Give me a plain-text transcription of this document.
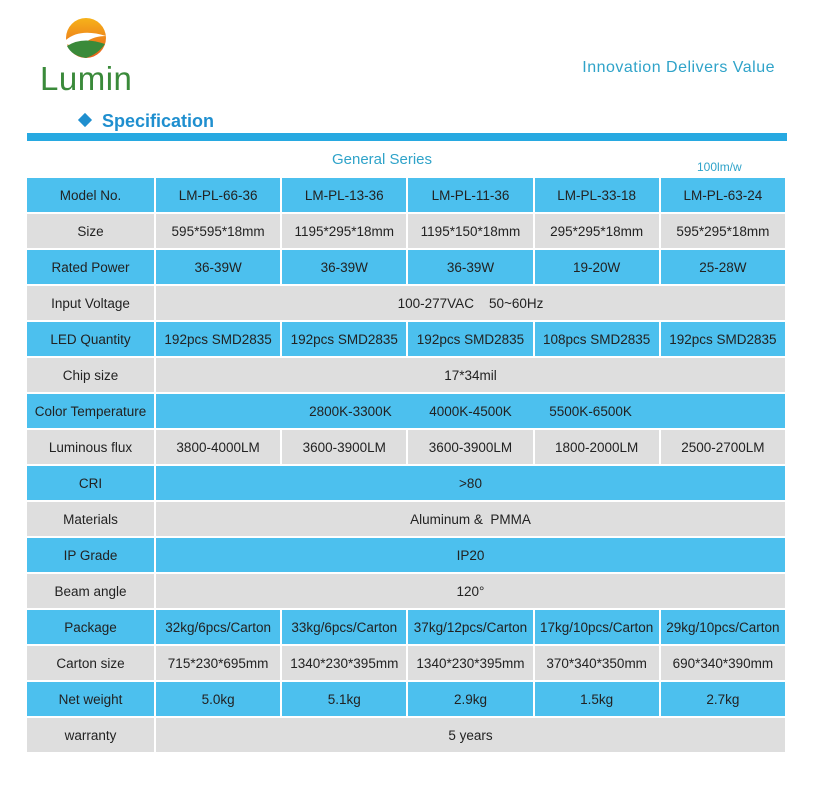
Lumin	Innovation Delivers Value
Specification
General Series	100lm/w
Model No.	LM-PL-66-36	LM-PL-13-36	LM-PL-11-36	LM-PL-33-18	LM-PL-63-24
Size	595*595*18mm	1195*295*18mm	1195*150*18mm	295*295*18mm	595*295*18mm
Rated Power	36-39W	36-39W	36-39W	19-20W	25-28W
Input Voltage	100-277VAC    50~60Hz				
LED Quantity	192pcs SMD2835	192pcs SMD2835	192pcs SMD2835	108pcs SMD2835	192pcs SMD2835
Chip size	17*34mil				
Color Temperature	2800K-3300K          4000K-4500K          5500K-6500K				
Luminous flux	3800-4000LM	3600-3900LM	3600-3900LM	1800-2000LM	2500-2700LM
CRI	>80				
Materials	Aluminum &  PMMA				
IP Grade	IP20				
Beam angle	120°				
Package	32kg/6pcs/Carton	33kg/6pcs/Carton	37kg/12pcs/Carton	17kg/10pcs/Carton	29kg/10pcs/Carton
Carton size	715*230*695mm	1340*230*395mm	1340*230*395mm	370*340*350mm	690*340*390mm
Net weight	5.0kg	5.1kg	2.9kg	1.5kg	2.7kg
warranty	5 years				
